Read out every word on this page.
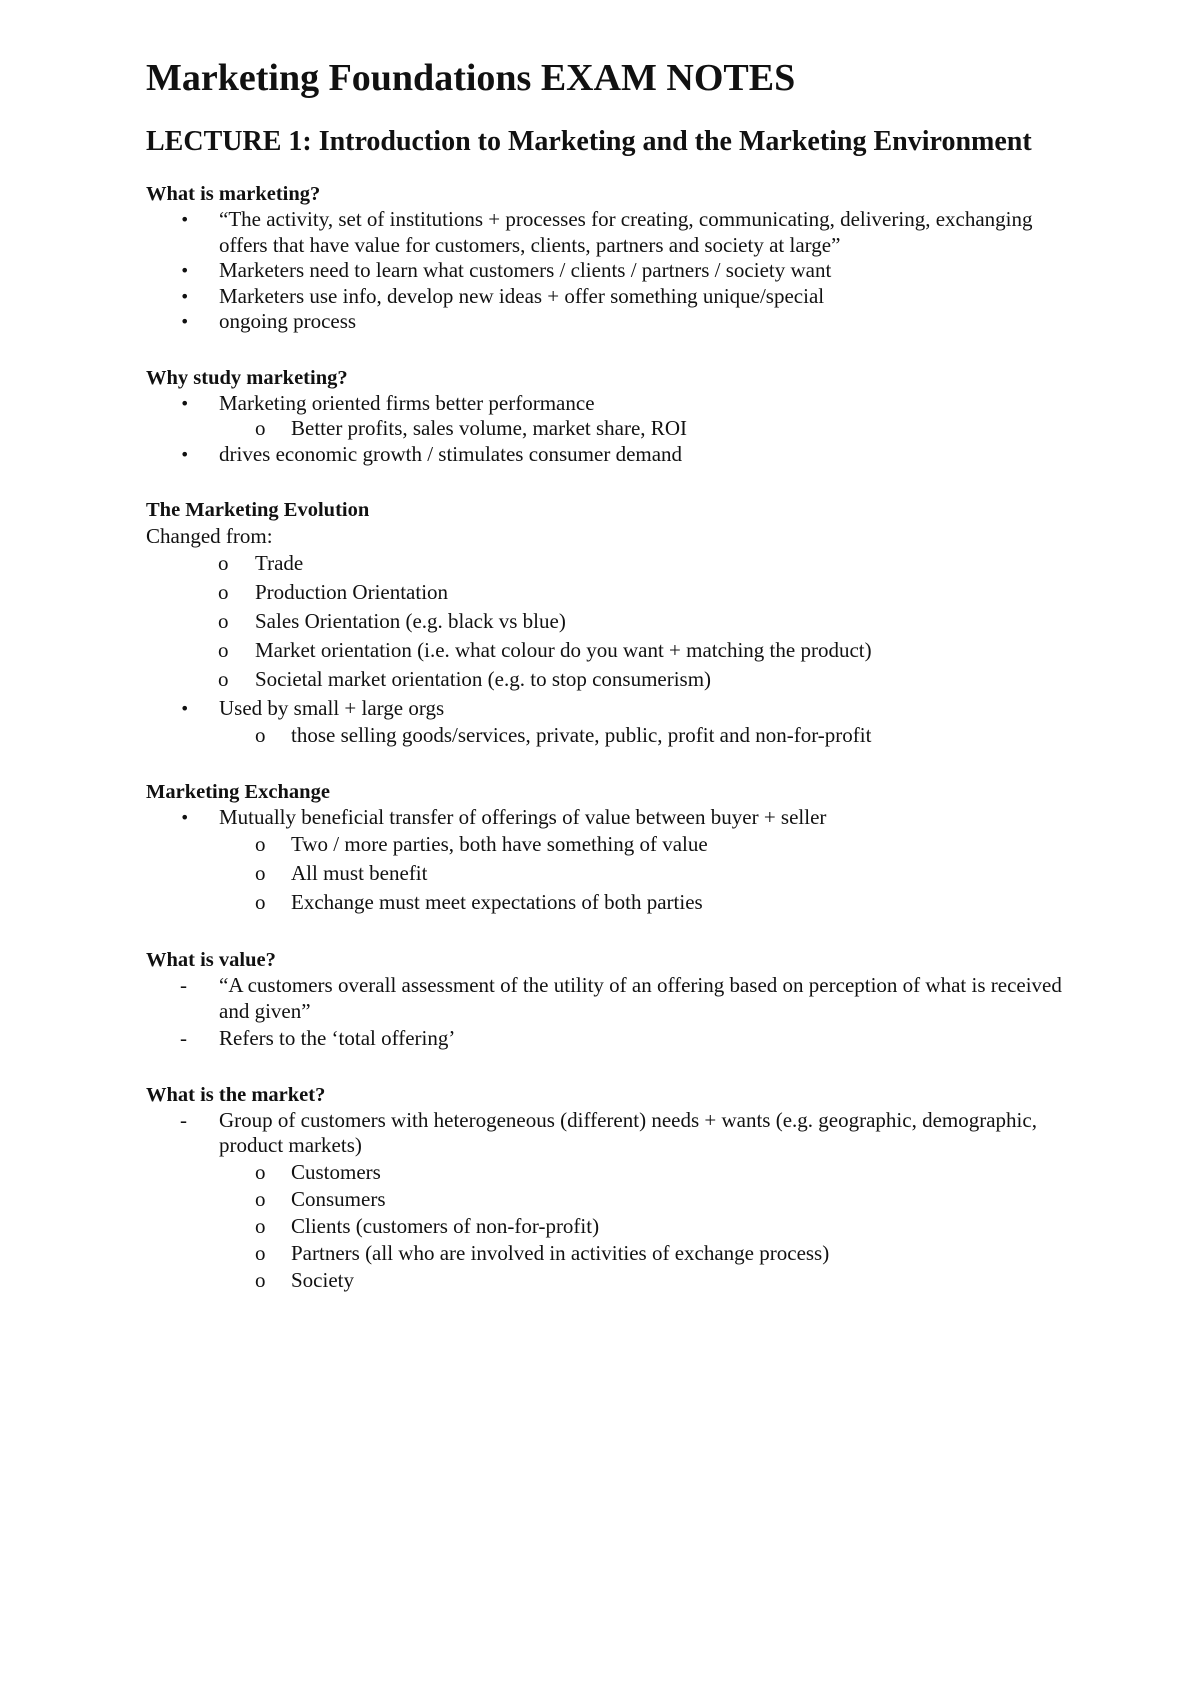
Marketing Foundations EXAM NOTES
LECTURE 1: Introduction to Marketing and the Marketing Environment

What is marketing?

• “The activity, set of institutions + processes for creating, communicating, delivering, exchanging offers that have value for customers, clients, partners and society at large”
• Marketers need to learn what customers / clients / partners / society want
• Marketers use info, develop new ideas + offer something unique/special
• ongoing process

Why study marketing?

• Marketing oriented firms better performance
o Better profits, sales volume, market share, ROI
• drives economic growth / stimulates consumer demand

The Marketing Evolution

Changed from:

o Trade
o Production Orientation
o Sales Orientation (e.g. black vs blue)
o Market orientation (i.e. what colour do you want + matching the product)
o Societal market orientation (e.g. to stop consumerism)
• Used by small + large orgs
o those selling goods/services, private, public, profit and non-for-profit

Marketing Exchange

• Mutually beneficial transfer of offerings of value between buyer + seller
o Two / more parties, both have something of value
o All must benefit
o Exchange must meet expectations of both parties

What is value?

- “A customers overall assessment of the utility of an offering based on perception of what is received and given”
- Refers to the ‘total offering’

What is the market?

- Group of customers with heterogeneous (different) needs + wants (e.g. geographic, demographic, product markets)
o Customers
o Consumers
o Clients (customers of non-for-profit)
o Partners (all who are involved in activities of exchange process)
o Society
